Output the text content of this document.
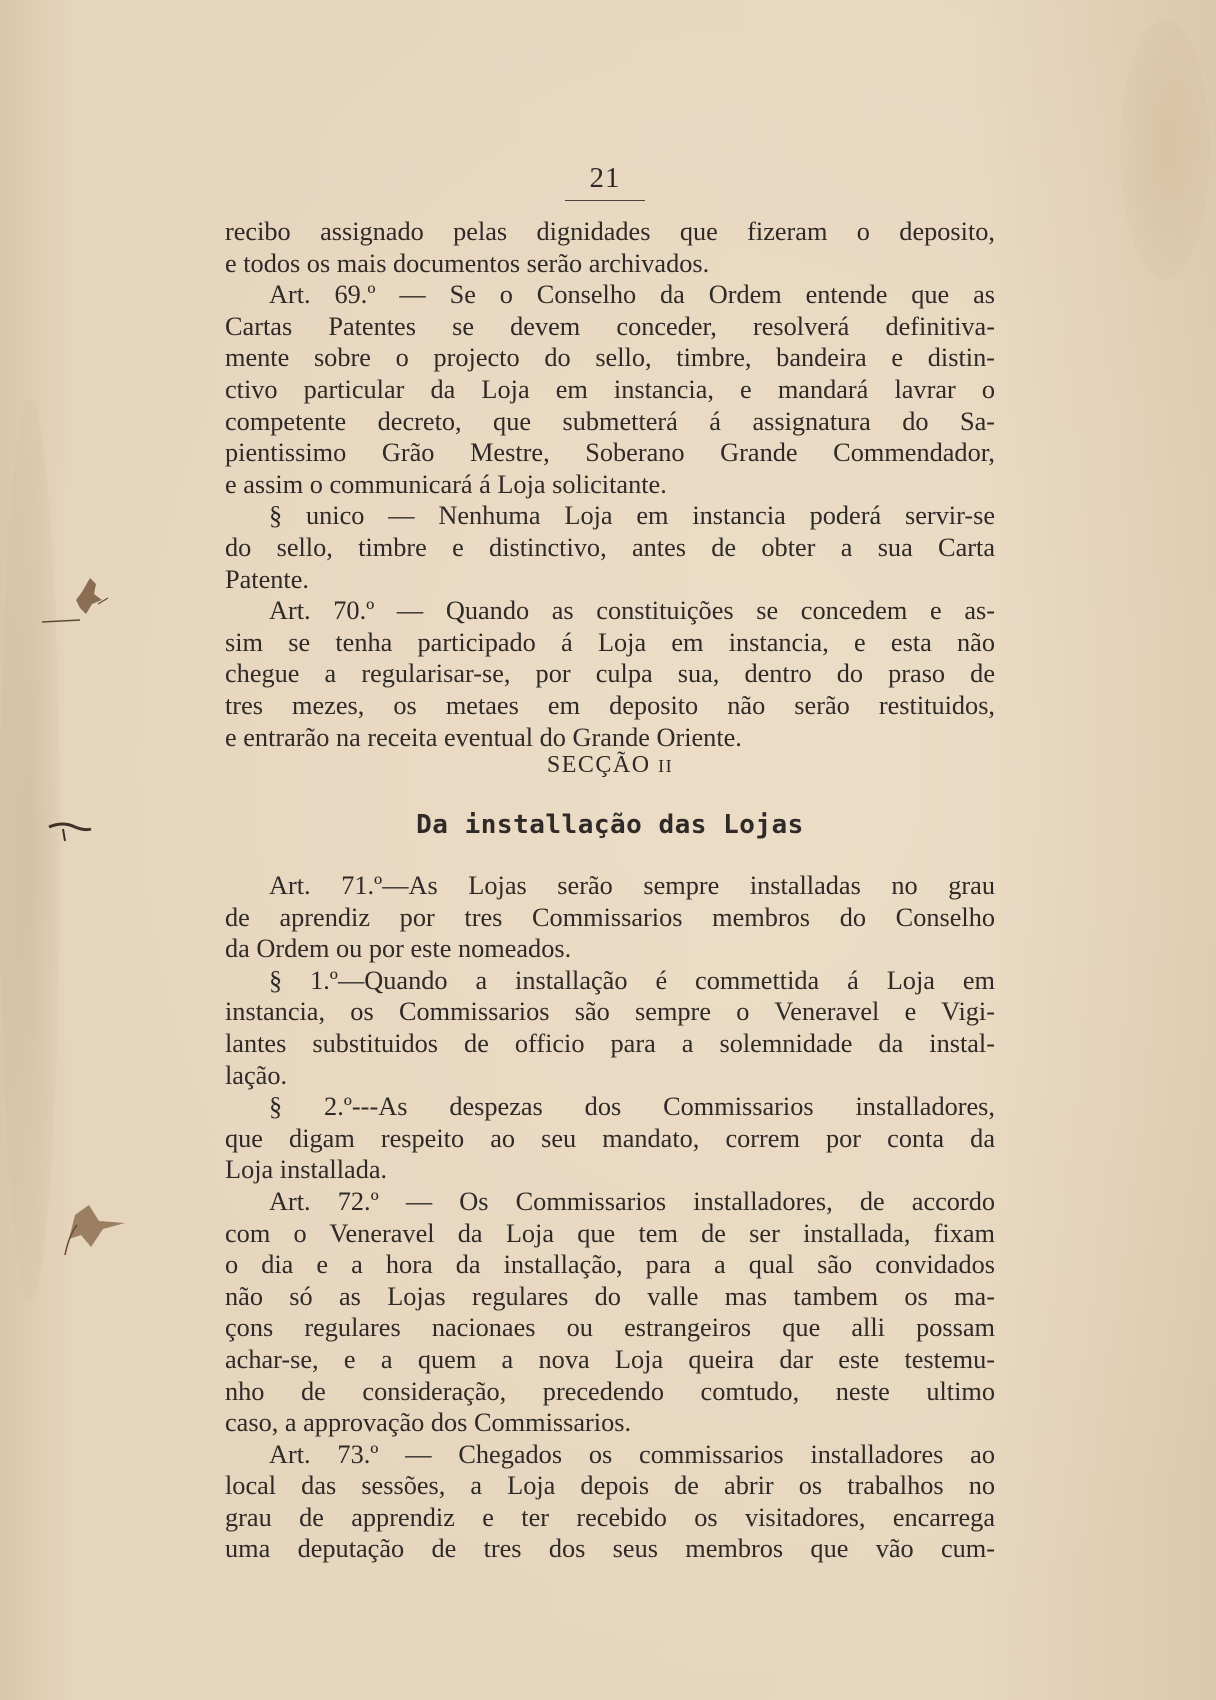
21
recibo assignado pelas dignidades que fizeram o deposito,
e todos os mais documentos serão archivados.
Art. 69.º — Se o Conselho da Ordem entende que as
Cartas Patentes se devem conceder, resolverá definitiva-
mente sobre o projecto do sello, timbre, bandeira e distin-
ctivo particular da Loja em instancia, e mandará lavrar o
competente decreto, que submetterá á assignatura do Sa-
pientissimo Grão Mestre, Soberano Grande Commendador,
e assim o communicará á Loja solicitante.
§ unico — Nenhuma Loja em instancia poderá servir-se
do sello, timbre e distinctivo, antes de obter a sua Carta
Patente.
Art. 70.º — Quando as constituições se concedem e as-
sim se tenha participado á Loja em instancia, e esta não
chegue a regularisar-se, por culpa sua, dentro do praso de
tres mezes, os metaes em deposito não serão restituidos,
e entrarão na receita eventual do Grande Oriente.
SECÇÃO II
Da installação das Lojas
Art. 71.º—As Lojas serão sempre installadas no grau
de aprendiz por tres Commissarios membros do Conselho
da Ordem ou por este nomeados.
§ 1.º—Quando a installação é commettida á Loja em
instancia, os Commissarios são sempre o Veneravel e Vigi-
lantes substituidos de officio para a solemnidade da instal-
lação.
§ 2.º---As despezas dos Commissarios installadores,
que digam respeito ao seu mandato, correm por conta da
Loja installada.
Art. 72.º — Os Commissarios installadores, de accordo
com o Veneravel da Loja que tem de ser installada, fixam
o dia e a hora da installação, para a qual são convidados
não só as Lojas regulares do valle mas tambem os ma-
çons regulares nacionaes ou estrangeiros que alli possam
achar-se, e a quem a nova Loja queira dar este testemu-
nho de consideração, precedendo comtudo, neste ultimo
caso, a approvação dos Commissarios.
Art. 73.º — Chegados os commissarios installadores ao
local das sessões, a Loja depois de abrir os trabalhos no
grau de apprendiz e ter recebido os visitadores, encarrega
uma deputação de tres dos seus membros que vão cum-
